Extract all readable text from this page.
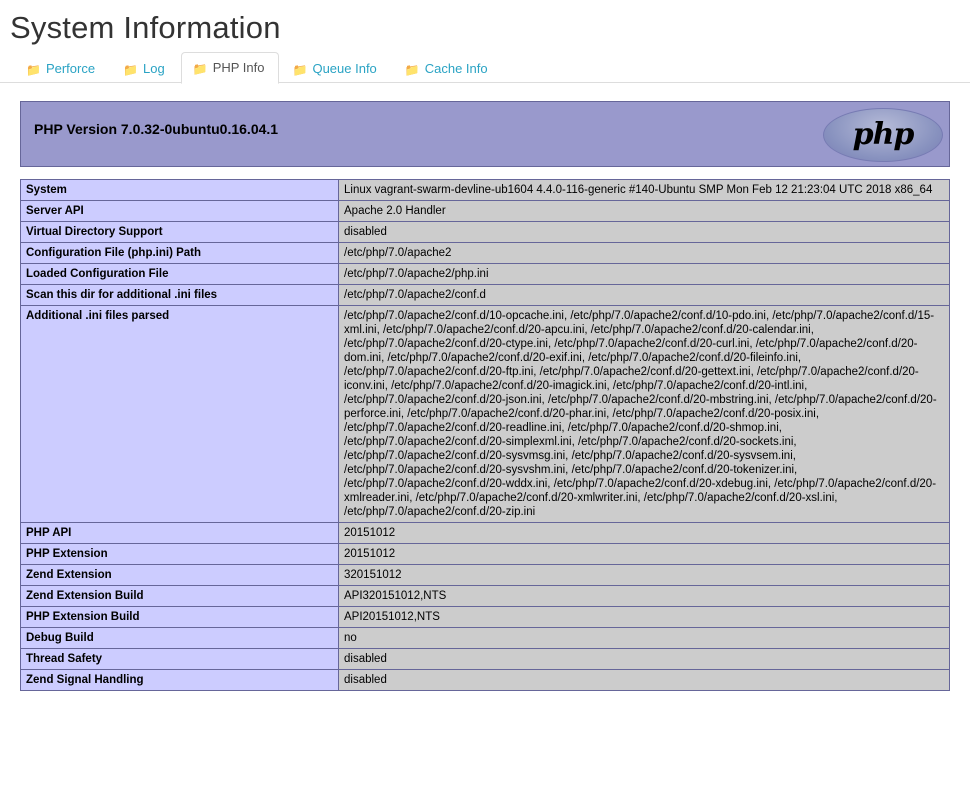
System Information
📁 Perforce 📁 Log 📁 PHP Info 📁 Queue Info 📁 Cache Info
PHP Version 7.0.32-0ubuntu0.16.04.1	php
System	Linux vagrant-swarm-devline-ub1604 4.4.0-116-generic #140-Ubuntu SMP Mon Feb 12 21:23:04 UTC 2018 x86_64
Server API	Apache 2.0 Handler
Virtual Directory Support	disabled
Configuration File (php.ini) Path	/etc/php/7.0/apache2
Loaded Configuration File	/etc/php/7.0/apache2/php.ini
Scan this dir for additional .ini files	/etc/php/7.0/apache2/conf.d
Additional .ini files parsed	/etc/php/7.0/apache2/conf.d/10-opcache.ini, /etc/php/7.0/apache2/conf.d/10-pdo.ini, /etc/php/7.0/apache2/conf.d/15-xml.ini, /etc/php/7.0/apache2/conf.d/20-apcu.ini, /etc/php/7.0/apache2/conf.d/20-calendar.ini, /etc/php/7.0/apache2/conf.d/20-ctype.ini, /etc/php/7.0/apache2/conf.d/20-curl.ini, /etc/php/7.0/apache2/conf.d/20-dom.ini, /etc/php/7.0/apache2/conf.d/20-exif.ini, /etc/php/7.0/apache2/conf.d/20-fileinfo.ini, /etc/php/7.0/apache2/conf.d/20-ftp.ini, /etc/php/7.0/apache2/conf.d/20-gettext.ini, /etc/php/7.0/apache2/conf.d/20-iconv.ini, /etc/php/7.0/apache2/conf.d/20-imagick.ini, /etc/php/7.0/apache2/conf.d/20-intl.ini, /etc/php/7.0/apache2/conf.d/20-json.ini, /etc/php/7.0/apache2/conf.d/20-mbstring.ini, /etc/php/7.0/apache2/conf.d/20-perforce.ini, /etc/php/7.0/apache2/conf.d/20-phar.ini, /etc/php/7.0/apache2/conf.d/20-posix.ini, /etc/php/7.0/apache2/conf.d/20-readline.ini, /etc/php/7.0/apache2/conf.d/20-shmop.ini, /etc/php/7.0/apache2/conf.d/20-simplexml.ini, /etc/php/7.0/apache2/conf.d/20-sockets.ini, /etc/php/7.0/apache2/conf.d/20-sysvmsg.ini, /etc/php/7.0/apache2/conf.d/20-sysvsem.ini, /etc/php/7.0/apache2/conf.d/20-sysvshm.ini, /etc/php/7.0/apache2/conf.d/20-tokenizer.ini, /etc/php/7.0/apache2/conf.d/20-wddx.ini, /etc/php/7.0/apache2/conf.d/20-xdebug.ini, /etc/php/7.0/apache2/conf.d/20-xmlreader.ini, /etc/php/7.0/apache2/conf.d/20-xmlwriter.ini, /etc/php/7.0/apache2/conf.d/20-xsl.ini, /etc/php/7.0/apache2/conf.d/20-zip.ini
PHP API	20151012
PHP Extension	20151012
Zend Extension	320151012
Zend Extension Build	API320151012,NTS
PHP Extension Build	API20151012,NTS
Debug Build	no
Thread Safety	disabled
Zend Signal Handling	disabled
